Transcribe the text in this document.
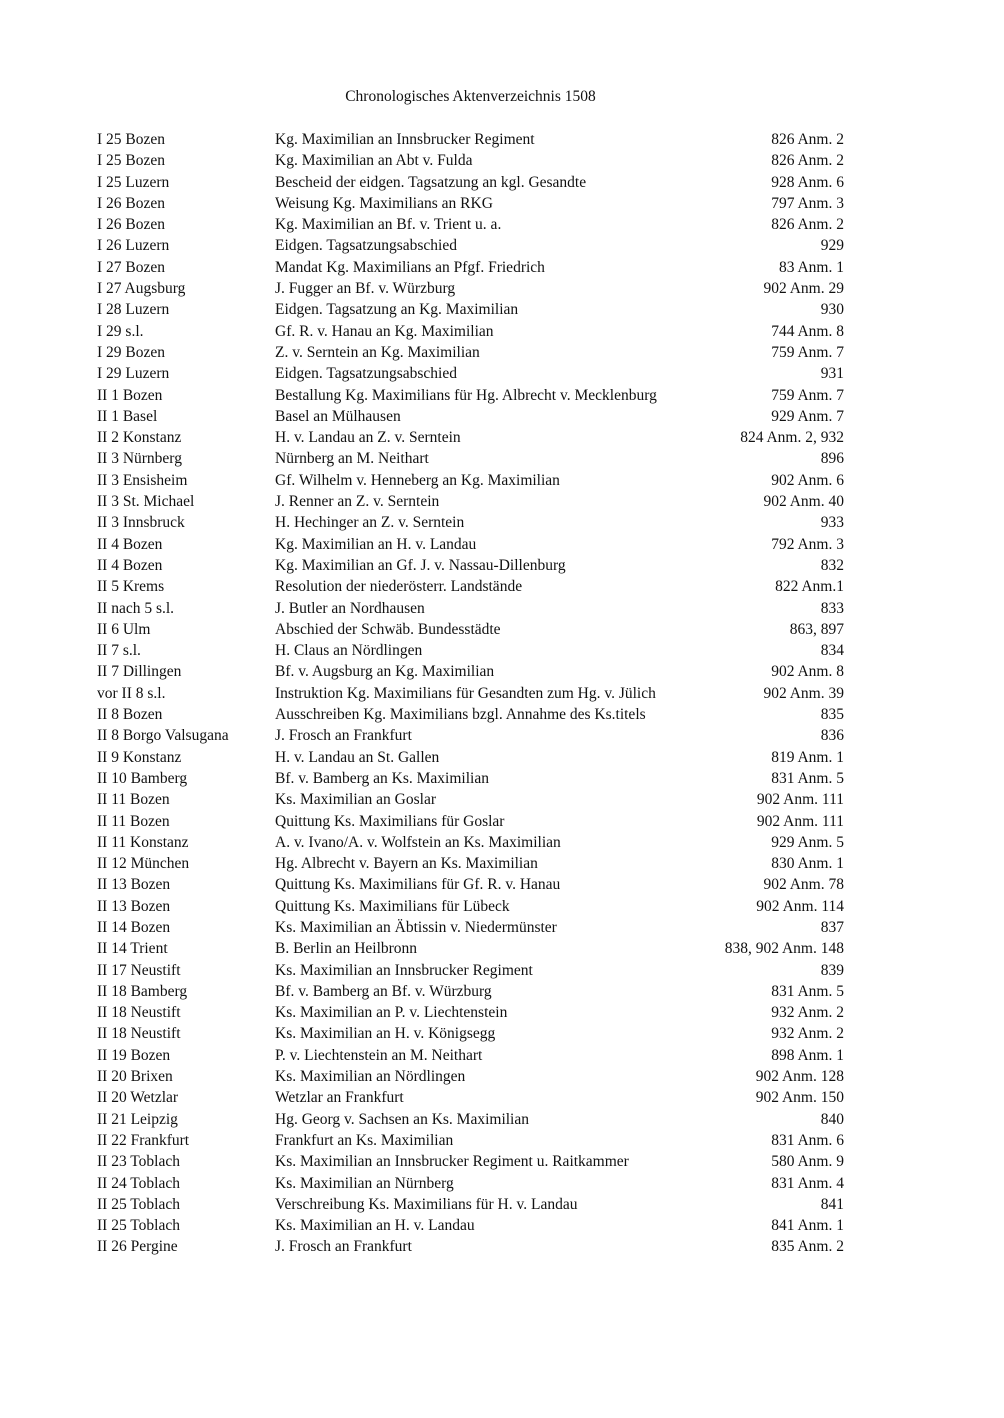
Chronologisches Aktenverzeichnis 1508
I 25 Bozen	Kg. Maximilian an Innsbrucker Regiment	826 Anm. 2
I 25 Bozen	Kg. Maximilian an Abt v. Fulda	826 Anm. 2
I 25 Luzern	Bescheid der eidgen. Tagsatzung an kgl. Gesandte	928 Anm. 6
I 26 Bozen	Weisung Kg. Maximilians an RKG	797 Anm. 3
I 26 Bozen	Kg. Maximilian an Bf. v. Trient u. a.	826 Anm. 2
I 26 Luzern	Eidgen. Tagsatzungsabschied	929
I 27 Bozen	Mandat Kg. Maximilians an Pfgf. Friedrich	83 Anm. 1
I 27 Augsburg	J. Fugger an Bf. v. Würzburg	902 Anm. 29
I 28 Luzern	Eidgen. Tagsatzung an Kg. Maximilian	930
I 29 s.l.	Gf. R. v. Hanau an Kg. Maximilian	744 Anm. 8
I 29 Bozen	Z. v. Serntein an Kg. Maximilian	759 Anm. 7
I 29 Luzern	Eidgen. Tagsatzungsabschied	931
II 1 Bozen	Bestallung Kg. Maximilians für Hg. Albrecht v. Mecklenburg	759 Anm. 7
II 1 Basel	Basel an Mülhausen	929 Anm. 7
II 2 Konstanz	H. v. Landau an Z. v. Serntein	824 Anm. 2, 932
II 3 Nürnberg	Nürnberg an M. Neithart	896
II 3 Ensisheim	Gf. Wilhelm v. Henneberg an Kg. Maximilian	902 Anm. 6
II 3 St. Michael	J. Renner an Z. v. Serntein	902 Anm. 40
II 3 Innsbruck	H. Hechinger an Z. v. Serntein	933
II 4 Bozen	Kg. Maximilian an H. v. Landau	792 Anm. 3
II 4 Bozen	Kg. Maximilian an Gf. J. v. Nassau-Dillenburg	832
II 5 Krems	Resolution der niederösterr. Landstände	822 Anm.1
II nach 5 s.l.	J. Butler an Nordhausen	833
II 6 Ulm	Abschied der Schwäb. Bundesstädte	863, 897
II 7 s.l.	H. Claus an Nördlingen	834
II 7 Dillingen	Bf. v. Augsburg an Kg. Maximilian	902 Anm. 8
vor II 8 s.l.	Instruktion Kg. Maximilians für Gesandten zum Hg. v. Jülich	902 Anm. 39
II 8 Bozen	Ausschreiben Kg. Maximilians bzgl. Annahme des Ks.titels	835
II 8 Borgo Valsugana	J. Frosch an Frankfurt	836
II 9 Konstanz	H. v. Landau an St. Gallen	819 Anm. 1
II 10 Bamberg	Bf. v. Bamberg an Ks. Maximilian	831 Anm. 5
II 11 Bozen	Ks. Maximilian an Goslar	902 Anm. 111
II 11 Bozen	Quittung Ks. Maximilians für Goslar	902 Anm. 111
II 11 Konstanz	A. v. Ivano/A. v. Wolfstein an Ks. Maximilian	929 Anm. 5
II 12 München	Hg. Albrecht v. Bayern an Ks. Maximilian	830 Anm. 1
II 13 Bozen	Quittung Ks. Maximilians für Gf. R. v. Hanau	902 Anm. 78
II 13 Bozen	Quittung Ks. Maximilians für Lübeck	902 Anm. 114
II 14 Bozen	Ks. Maximilian an Äbtissin v. Niedermünster	837
II 14 Trient	B. Berlin an Heilbronn	838, 902 Anm. 148
II 17 Neustift	Ks. Maximilian an Innsbrucker Regiment	839
II 18 Bamberg	Bf. v. Bamberg an Bf. v. Würzburg	831 Anm. 5
II 18 Neustift	Ks. Maximilian an P. v. Liechtenstein	932 Anm. 2
II 18 Neustift	Ks. Maximilian an H. v. Königsegg	932 Anm. 2
II 19 Bozen	P. v. Liechtenstein an M. Neithart	898 Anm. 1
II 20 Brixen	Ks. Maximilian an Nördlingen	902 Anm. 128
II 20 Wetzlar	Wetzlar an Frankfurt	902 Anm. 150
II 21 Leipzig	Hg. Georg v. Sachsen an Ks. Maximilian	840
II 22 Frankfurt	Frankfurt an Ks. Maximilian	831 Anm. 6
II 23 Toblach	Ks. Maximilian an Innsbrucker Regiment u. Raitkammer	580 Anm. 9
II 24 Toblach	Ks. Maximilian an Nürnberg	831 Anm. 4
II 25 Toblach	Verschreibung Ks. Maximilians für H. v. Landau	841
II 25 Toblach	Ks. Maximilian an H. v. Landau	841 Anm. 1
II 26 Pergine	J. Frosch an Frankfurt	835 Anm. 2
